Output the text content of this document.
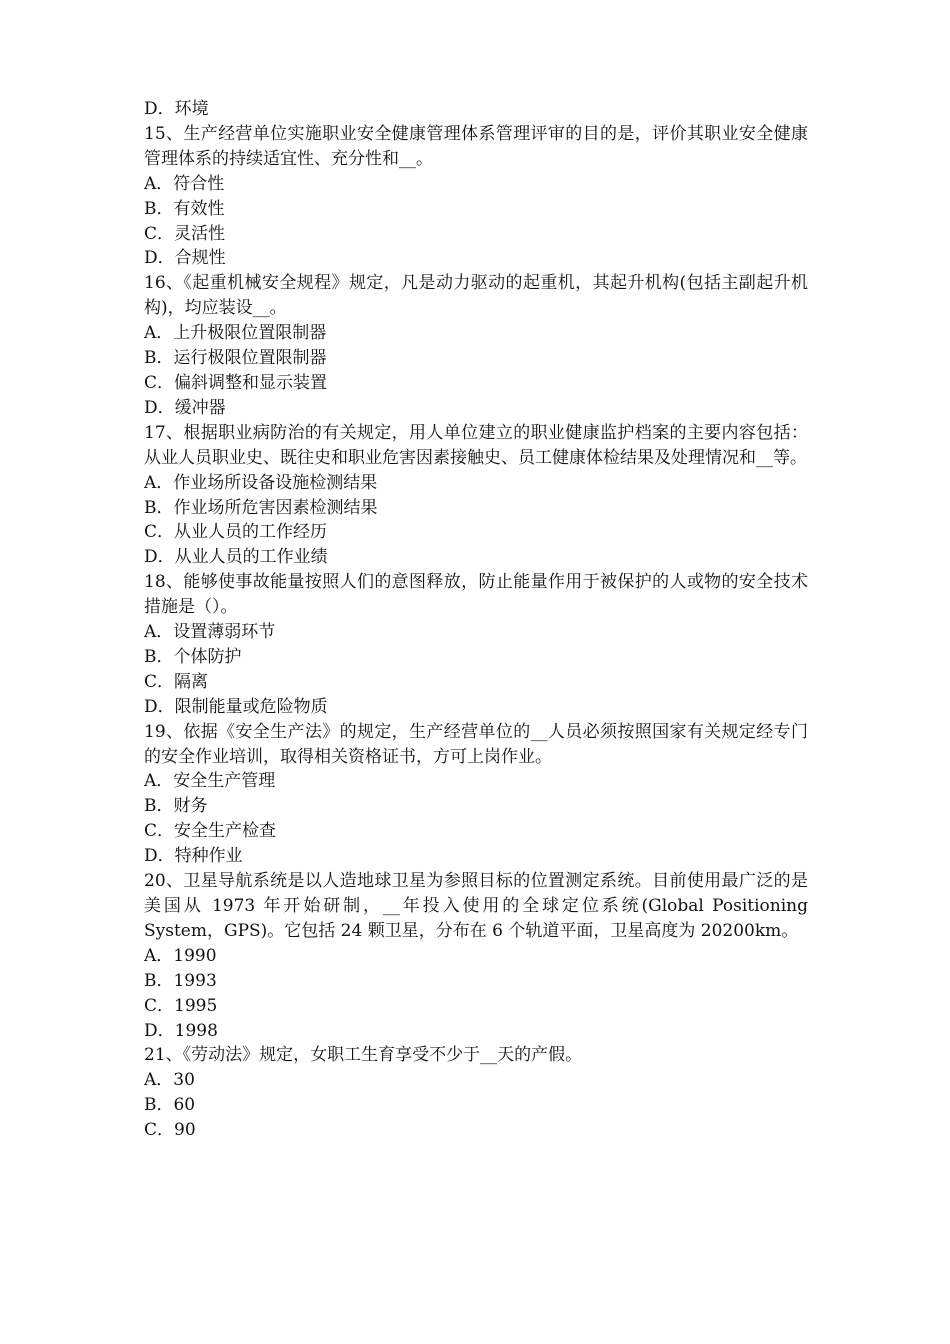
D．环境

15、生产经营单位实施职业安全健康管理体系管理评审的目的是，评价其职业安全健康管理体系的持续适宜性、充分性和__。

A．符合性

B．有效性

C．灵活性

D．合规性

16、《起重机械安全规程》规定，凡是动力驱动的起重机，其起升机构(包括主副起升机构)，均应装设__。

A．上升极限位置限制器

B．运行极限位置限制器

C．偏斜调整和显示装置

D．缓冲器

17、根据职业病防治的有关规定，用人单位建立的职业健康监护档案的主要内容包括：从业人员职业史、既往史和职业危害因素接触史、员工健康体检结果及处理情况和__等。

A．作业场所设备设施检测结果

B．作业场所危害因素检测结果

C．从业人员的工作经历

D．从业人员的工作业绩

18、能够使事故能量按照人们的意图释放，防止能量作用于被保护的人或物的安全技术措施是（）。

A．设置薄弱环节

B．个体防护

C．隔离

D．限制能量或危险物质

19、依据《安全生产法》的规定，生产经营单位的__人员必须按照国家有关规定经专门的安全作业培训，取得相关资格证书，方可上岗作业。

A．安全生产管理

B．财务

C．安全生产检查

D．特种作业

20、卫星导航系统是以人造地球卫星为参照目标的位置测定系统。目前使用最广泛的是美国从 1973 年开始研制，__年投入使用的全球定位系统(Global Positioning System，GPS)。它包括 24 颗卫星，分布在 6 个轨道平面，卫星高度为 20200km。

A．1990

B．1993

C．1995

D．1998

21、《劳动法》规定，女职工生育享受不少于__天的产假。

A．30

B．60

C．90
